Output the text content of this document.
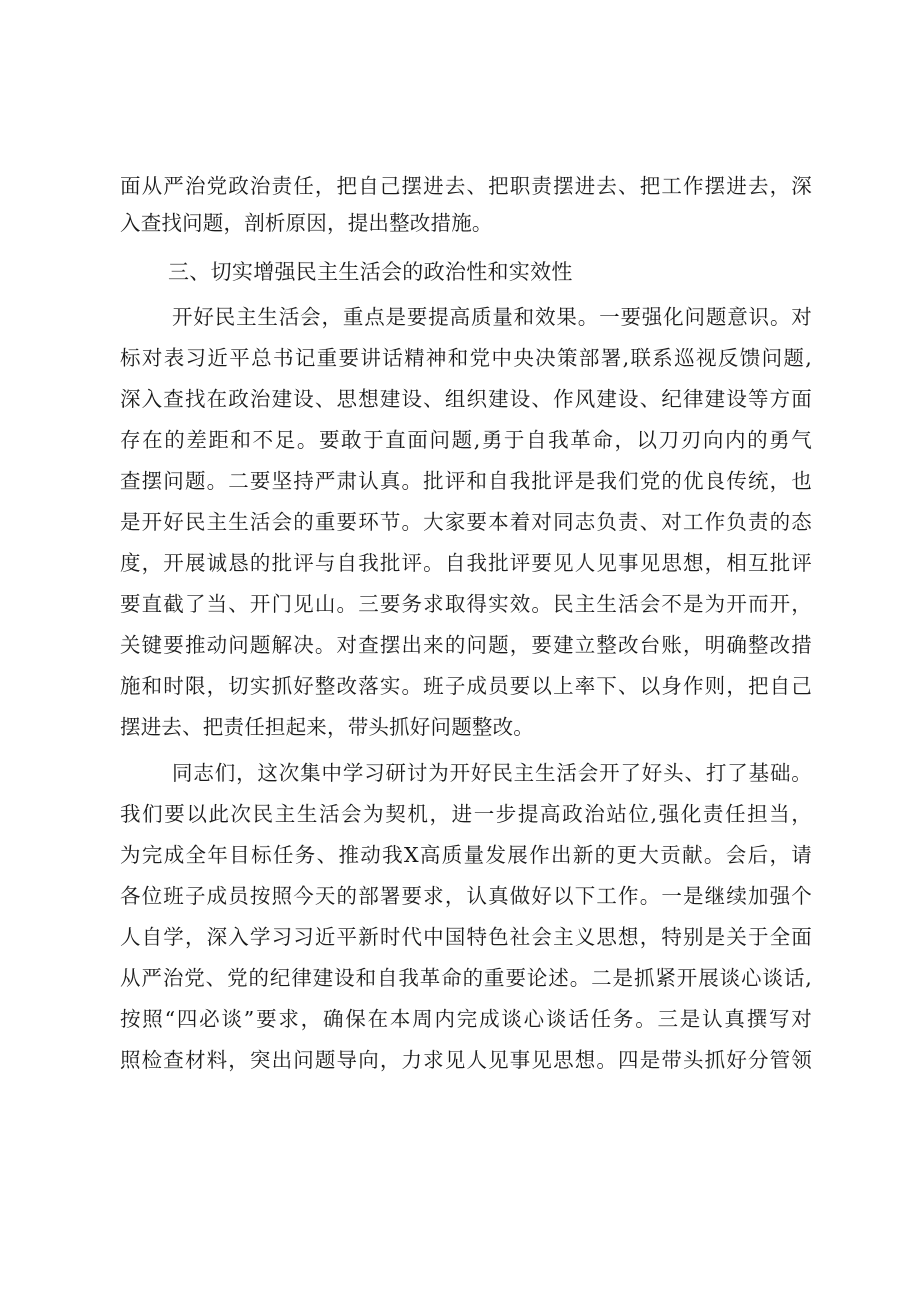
面从严治党政治责任，把自己摆进去、把职责摆进去、把工作摆进去，深
入查找问题，剖析原因，提出整改措施。
三、切实增强民主生活会的政治性和实效性
开好民主生活会，重点是要提高质量和效果。一要强化问题意识。对
标对表习近平总书记重要讲话精神和党中央决策部署,联系巡视反馈问题,
深入查找在政治建设、思想建设、组织建设、作风建设、纪律建设等方面
存在的差距和不足。要敢于直面问题,勇于自我革命，以刀刃向内的勇气
查摆问题。二要坚持严肃认真。批评和自我批评是我们党的优良传统，也
是开好民主生活会的重要环节。大家要本着对同志负责、对工作负责的态
度，开展诚恳的批评与自我批评。自我批评要见人见事见思想，相互批评
要直截了当、开门见山。三要务求取得实效。民主生活会不是为开而开，
关键要推动问题解决。对查摆出来的问题，要建立整改台账，明确整改措
施和时限，切实抓好整改落实。班子成员要以上率下、以身作则，把自己
摆进去、把责任担起来，带头抓好问题整改。
同志们，这次集中学习研讨为开好民主生活会开了好头、打了基础。
我们要以此次民主生活会为契机，进一步提高政治站位,强化责任担当，
为完成全年目标任务、推动我X高质量发展作出新的更大贡献。会后，请
各位班子成员按照今天的部署要求，认真做好以下工作。一是继续加强个
人自学，深入学习习近平新时代中国特色社会主义思想，特别是关于全面
从严治党、党的纪律建设和自我革命的重要论述。二是抓紧开展谈心谈话,
按照“四必谈”要求，确保在本周内完成谈心谈话任务。三是认真撰写对
照检查材料，突出问题导向，力求见人见事见思想。四是带头抓好分管领
